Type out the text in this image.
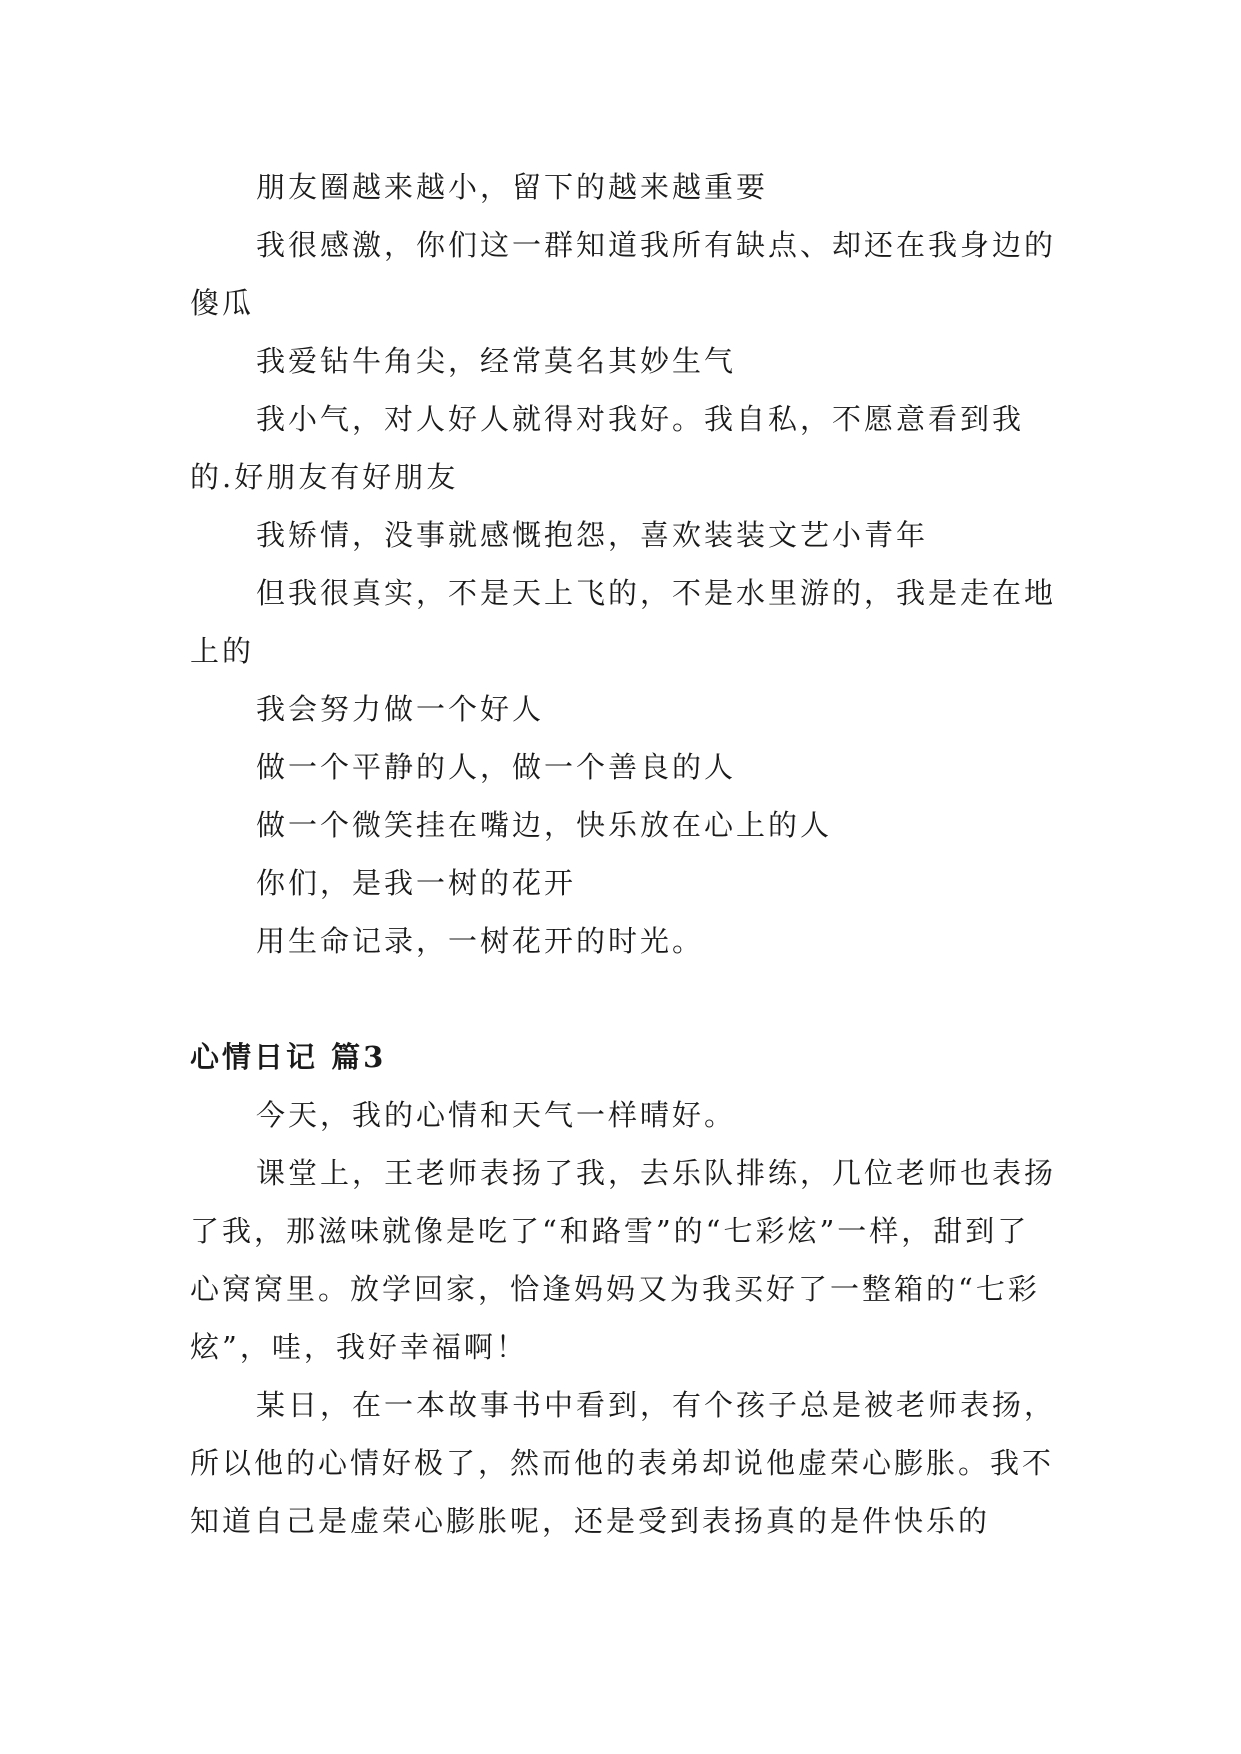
朋友圈越来越小，留下的越来越重要

我很感激，你们这一群知道我所有缺点、却还在我身边的傻瓜

我爱钻牛角尖，经常莫名其妙生气

我小气，对人好人就得对我好。我自私，不愿意看到我的.好朋友有好朋友

我矫情，没事就感慨抱怨，喜欢装装文艺小青年

但我很真实，不是天上飞的，不是水里游的，我是走在地上的

我会努力做一个好人

做一个平静的人，做一个善良的人

做一个微笑挂在嘴边，快乐放在心上的人

你们，是我一树的花开

用生命记录，一树花开的时光。

心情日记 篇3

今天，我的心情和天气一样晴好。

课堂上，王老师表扬了我，去乐队排练，几位老师也表扬了我，那滋味就像是吃了“和路雪”的“七彩炫”一样，甜到了心窝窝里。放学回家，恰逢妈妈又为我买好了一整箱的“七彩炫”，哇，我好幸福啊！

某日，在一本故事书中看到，有个孩子总是被老师表扬，所以他的心情好极了，然而他的表弟却说他虚荣心膨胀。我不知道自己是虚荣心膨胀呢，还是受到表扬真的是件快乐的
